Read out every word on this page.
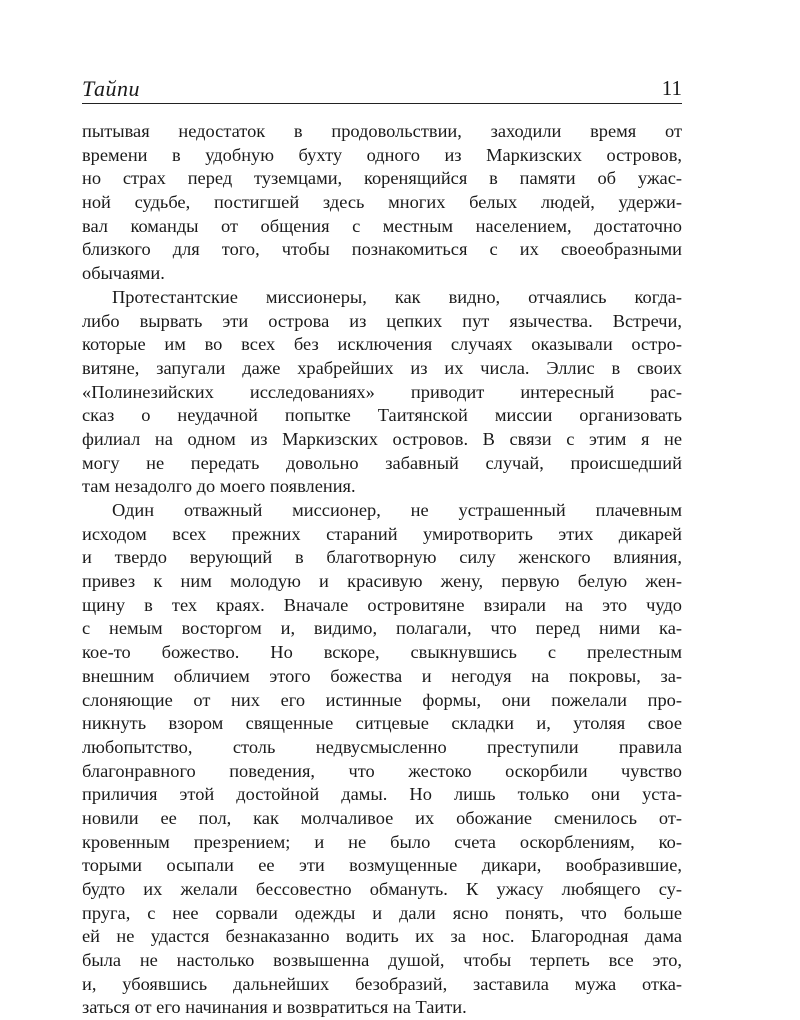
Тайпи	11
пытывая недостаток в продовольствии, заходили время от
времени в удобную бухту одного из Маркизских островов,
но страх перед туземцами, коренящийся в памяти об ужас-
ной судьбе, постигшей здесь многих белых людей, удержи-
вал команды от общения с местным населением, достаточно
близкого для того, чтобы познакомиться с их своеобразными
обычаями.
Протестантские миссионеры, как видно, отчаялись когда-
либо вырвать эти острова из цепких пут язычества. Встречи,
которые им во всех без исключения случаях оказывали остро-
витяне, запугали даже храбрейших из их числа. Эллис в своих
«Полинезийских исследованиях» приводит интересный рас-
сказ о неудачной попытке Таитянской миссии организовать
филиал на одном из Маркизских островов. В связи с этим я не
могу не передать довольно забавный случай, происшедший
там незадолго до моего появления.
Один отважный миссионер, не устрашенный плачевным
исходом всех прежних стараний умиротворить этих дикарей
и твердо верующий в благотворную силу женского влияния,
привез к ним молодую и красивую жену, первую белую жен-
щину в тех краях. Вначале островитяне взирали на это чудо
с немым восторгом и, видимо, полагали, что перед ними ка-
кое-то божество. Но вскоре, свыкнувшись с прелестным
внешним обличием этого божества и негодуя на покровы, за-
слоняющие от них его истинные формы, они пожелали про-
никнуть взором священные ситцевые складки и, утоляя свое
любопытство, столь недвусмысленно преступили правила
благонравного поведения, что жестоко оскорбили чувство
приличия этой достойной дамы. Но лишь только они уста-
новили ее пол, как молчаливое их обожание сменилось от-
кровенным презрением; и не было счета оскорблениям, ко-
торыми осыпали ее эти возмущенные дикари, вообразившие,
будто их желали бессовестно обмануть. К ужасу любящего су-
пруга, с нее сорвали одежды и дали ясно понять, что больше
ей не удастся безнаказанно водить их за нос. Благородная дама
была не настолько возвышенна душой, чтобы терпеть все это,
и, убоявшись дальнейших безобразий, заставила мужа отка-
заться от его начинания и возвратиться на Таити.
